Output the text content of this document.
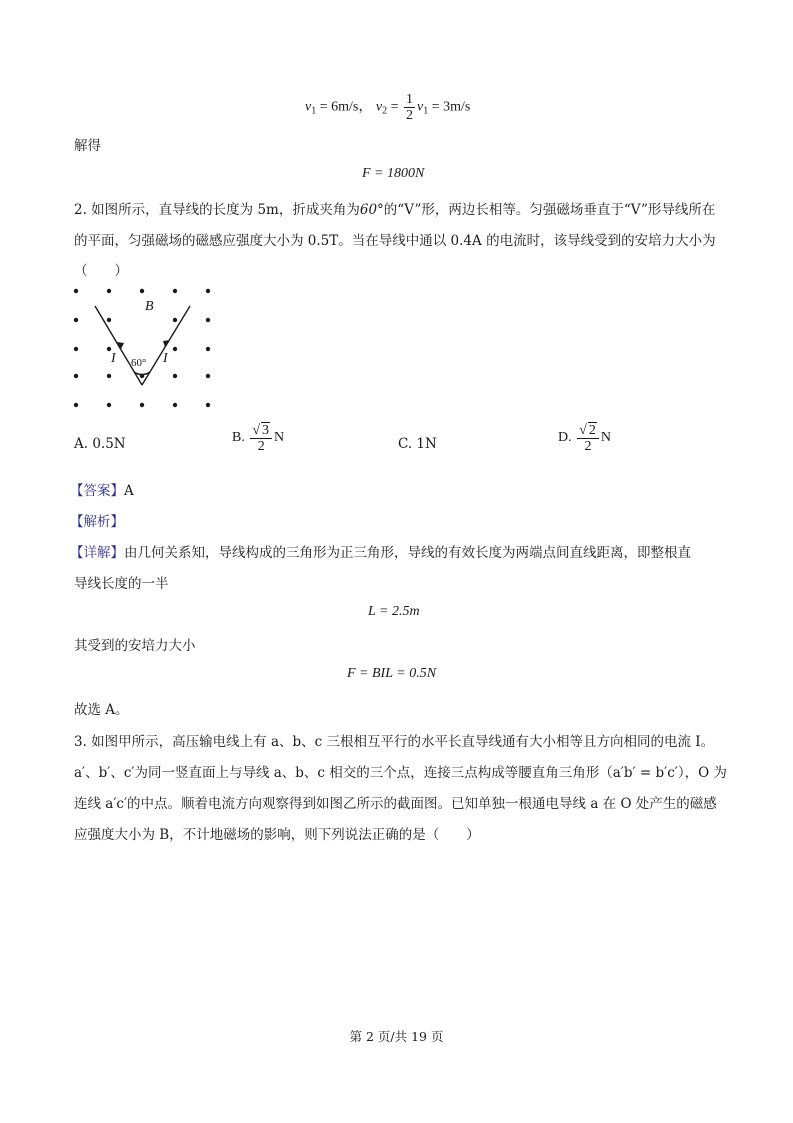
$v_1 = 6m/s$， $v_2 = \frac{1}{2} v_1 = 3m/s$
解得
F = 1800N
2. 如图所示，直导线的长度为 5m，折成夹角为60°的“V”形，两边长相等。匀强磁场垂直于“V”形导线所在
的平面，匀强磁场的磁感应强度大小为 0.5T。当在导线中通以 0.4A 的电流时，该导线受到的安培力大小为
（　　）
B
I	I
60°
A. 0.5N	B. $\frac{√ 3}{2}$ N	C. 1N	D. $\frac{√ 2}{2}$ N
【答案】A
【解析】
【详解】由几何关系知，导线构成的三角形为正三角形，导线的有效长度为两端点间直线距离，即整根直
导线长度的一半
L = 2.5m
其受到的安培力大小
F = BIL = 0.5N
故选 A。
3. 如图甲所示，高压输电线上有 a、b、c 三根相互平行的水平长直导线通有大小相等且方向相同的电流 I。
a′、b′、c′为同一竖直面上与导线 a、b、c 相交的三个点，连接三点构成等腰直角三角形（a′b′ = b′c′），O 为
连线 a′c′的中点。顺着电流方向观察得到如图乙所示的截面图。已知单独一根通电导线 a 在 O 处产生的磁感
应强度大小为 B，不计地磁场的影响，则下列说法正确的是（　　）
第 2 页/共 19 页
